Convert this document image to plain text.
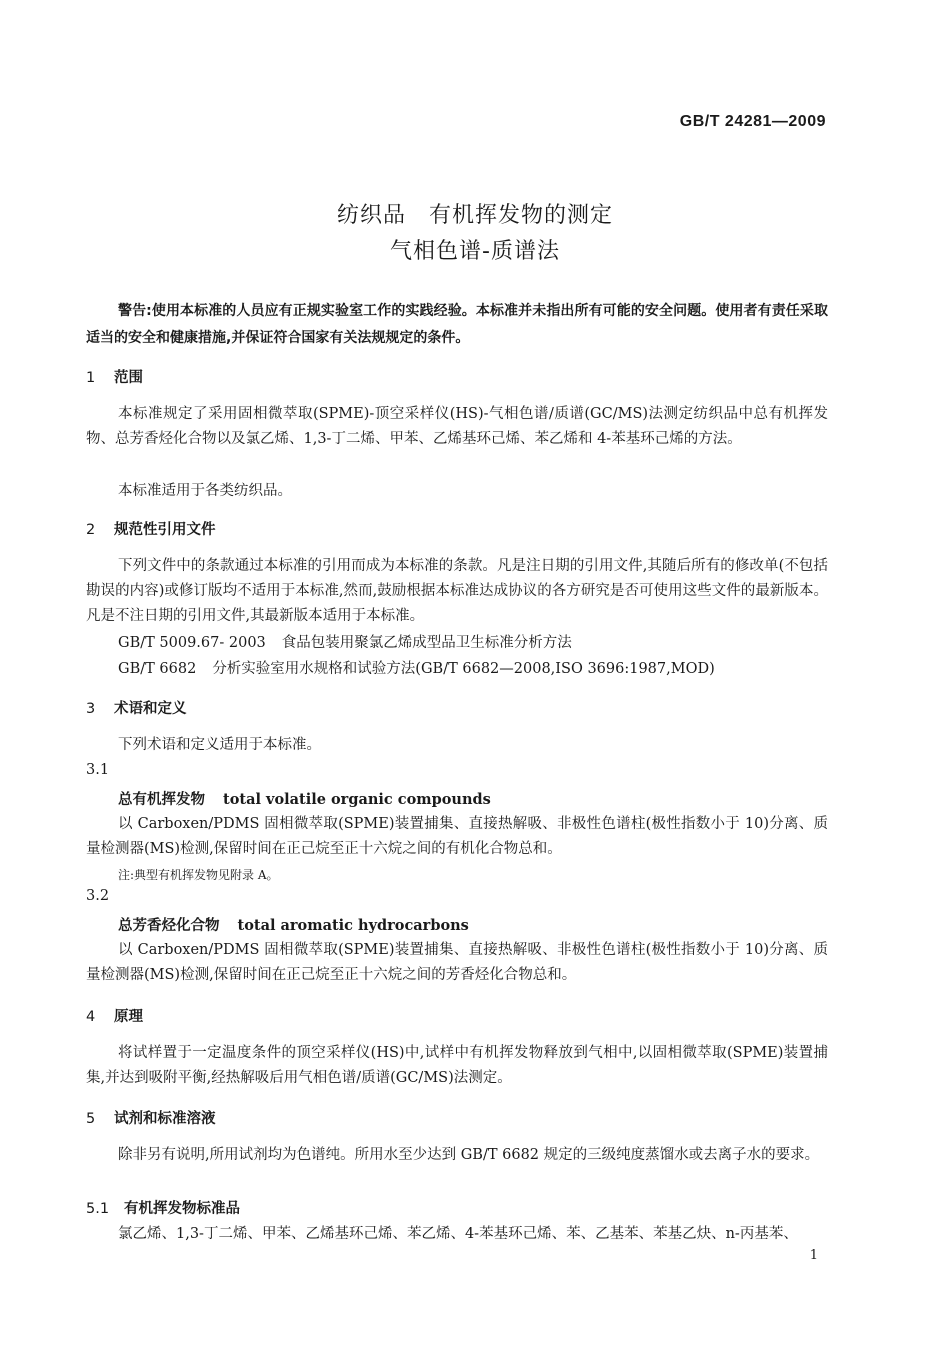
GB/T 24281—2009
纺织品　有机挥发物的测定
气相色谱-质谱法

警告:使用本标准的人员应有正规实验室工作的实践经验。本标准并未指出所有可能的安全问题。使用者有责任采取适当的安全和健康措施,并保证符合国家有关法规规定的条件。

1 范围

本标准规定了采用固相微萃取(SPME)-顶空采样仪(HS)-气相色谱/质谱(GC/MS)法测定纺织品中总有机挥发物、总芳香烃化合物以及氯乙烯、1,3-丁二烯、甲苯、乙烯基环己烯、苯乙烯和 4-苯基环己烯的方法。

本标准适用于各类纺织品。

2 规范性引用文件

下列文件中的条款通过本标准的引用而成为本标准的条款。凡是注日期的引用文件,其随后所有的修改单(不包括勘误的内容)或修订版均不适用于本标准,然而,鼓励根据本标准达成协议的各方研究是否可使用这些文件的最新版本。凡是不注日期的引用文件,其最新版本适用于本标准。

GB/T 5009.67- 2003 食品包装用聚氯乙烯成型品卫生标准分析方法
GB/T 6682 分析实验室用水规格和试验方法(GB/T 6682—2008,ISO 3696:1987,MOD)
3 术语和定义

下列术语和定义适用于本标准。

3.1
总有机挥发物 total volatile organic compounds

以 Carboxen/PDMS 固相微萃取(SPME)装置捕集、直接热解吸、非极性色谱柱(极性指数小于 10)分离、质量检测器(MS)检测,保留时间在正己烷至正十六烷之间的有机化合物总和。

注:典型有机挥发物见附录 A。

3.2
总芳香烃化合物 total aromatic hydrocarbons

以 Carboxen/PDMS 固相微萃取(SPME)装置捕集、直接热解吸、非极性色谱柱(极性指数小于 10)分离、质量检测器(MS)检测,保留时间在正己烷至正十六烷之间的芳香烃化合物总和。

4 原理

将试样置于一定温度条件的顶空采样仪(HS)中,试样中有机挥发物释放到气相中,以固相微萃取(SPME)装置捕集,并达到吸附平衡,经热解吸后用气相色谱/质谱(GC/MS)法测定。

5 试剂和标准溶液

除非另有说明,所用试剂均为色谱纯。所用水至少达到 GB/T 6682 规定的三级纯度蒸馏水或去离子水的要求。

5.1 有机挥发物标准品

氯乙烯、1,3-丁二烯、甲苯、乙烯基环己烯、苯乙烯、4-苯基环己烯、苯、乙基苯、苯基乙炔、n-丙基苯、

1
